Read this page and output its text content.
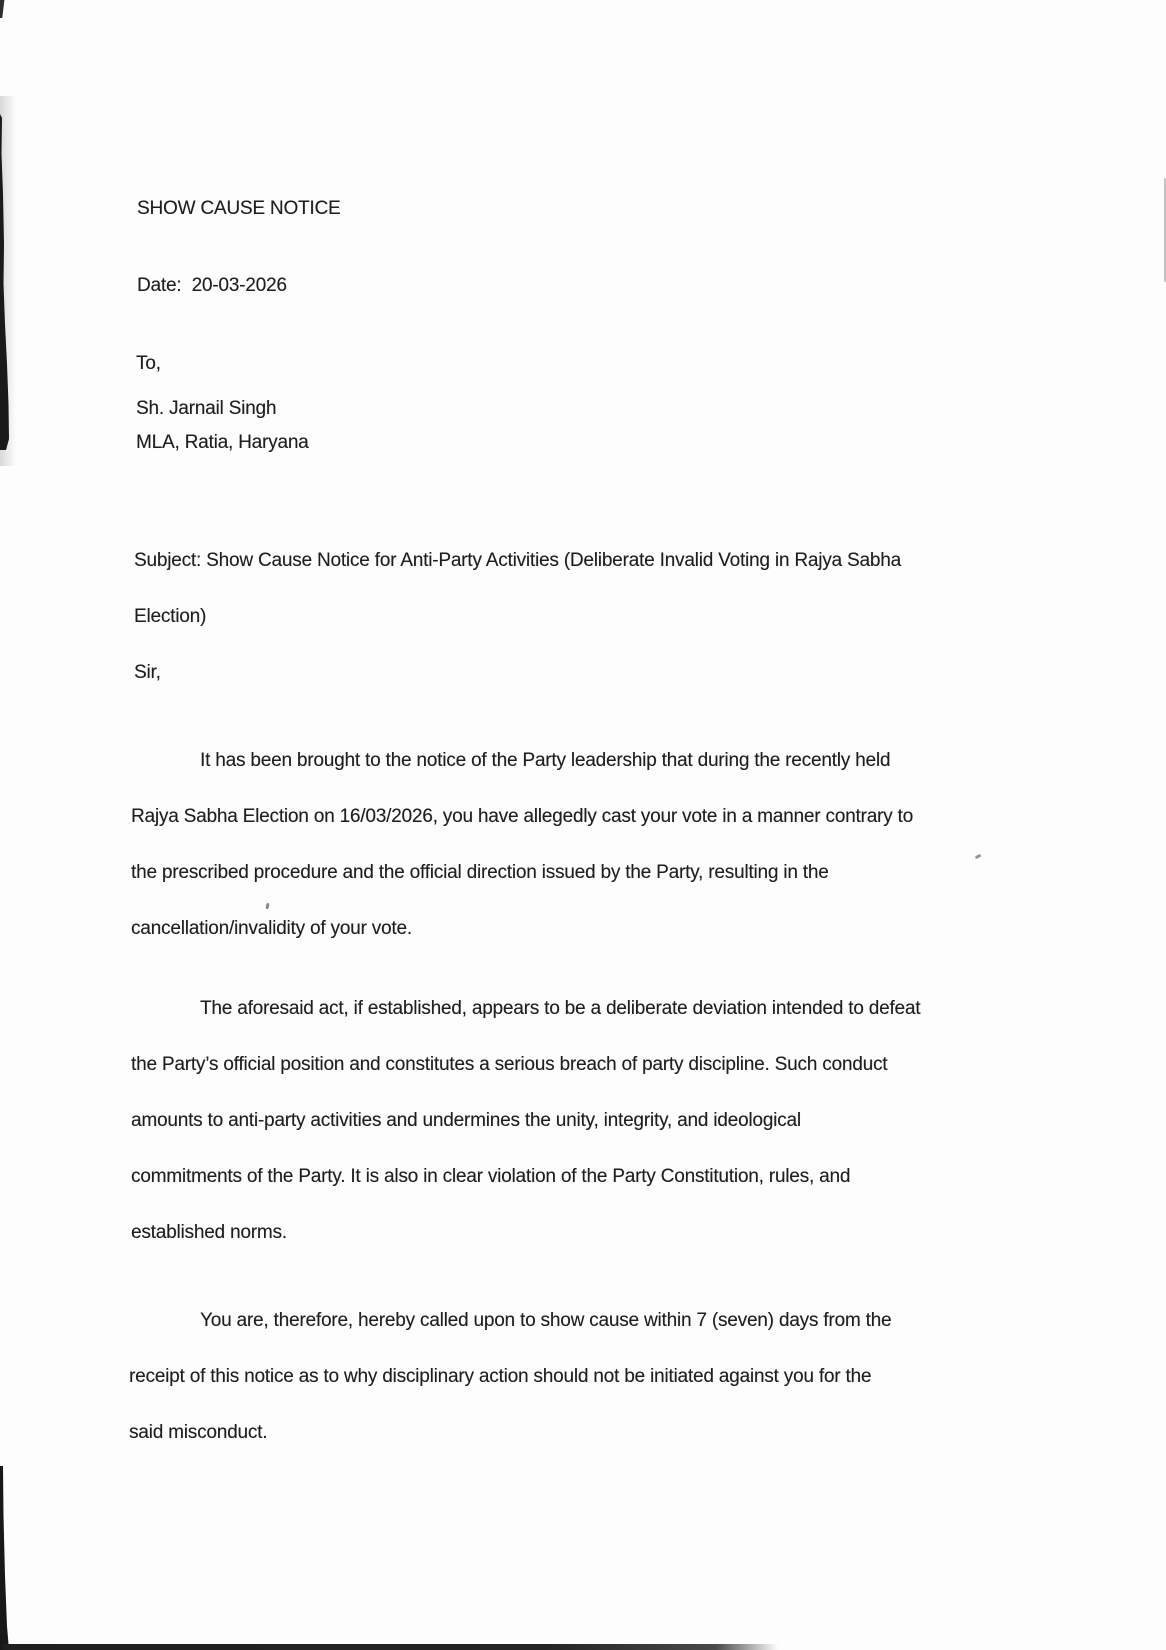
SHOW CAUSE NOTICE
Date:  20-03-2026
To,
Sh. Jarnail Singh
MLA, Ratia, Haryana
Subject: Show Cause Notice for Anti-Party Activities (Deliberate Invalid Voting in Rajya Sabha
Election)
Sir,
It has been brought to the notice of the Party leadership that during the recently held
Rajya Sabha Election on 16/03/2026, you have allegedly cast your vote in a manner contrary to
the prescribed procedure and the official direction issued by the Party, resulting in the
cancellation/invalidity of your vote.
The aforesaid act, if established, appears to be a deliberate deviation intended to defeat
the Party’s official position and constitutes a serious breach of party discipline. Such conduct
amounts to anti-party activities and undermines the unity, integrity, and ideological
commitments of the Party. It is also in clear violation of the Party Constitution, rules, and
established norms.
You are, therefore, hereby called upon to show cause within 7 (seven) days from the
receipt of this notice as to why disciplinary action should not be initiated against you for the
said misconduct.
